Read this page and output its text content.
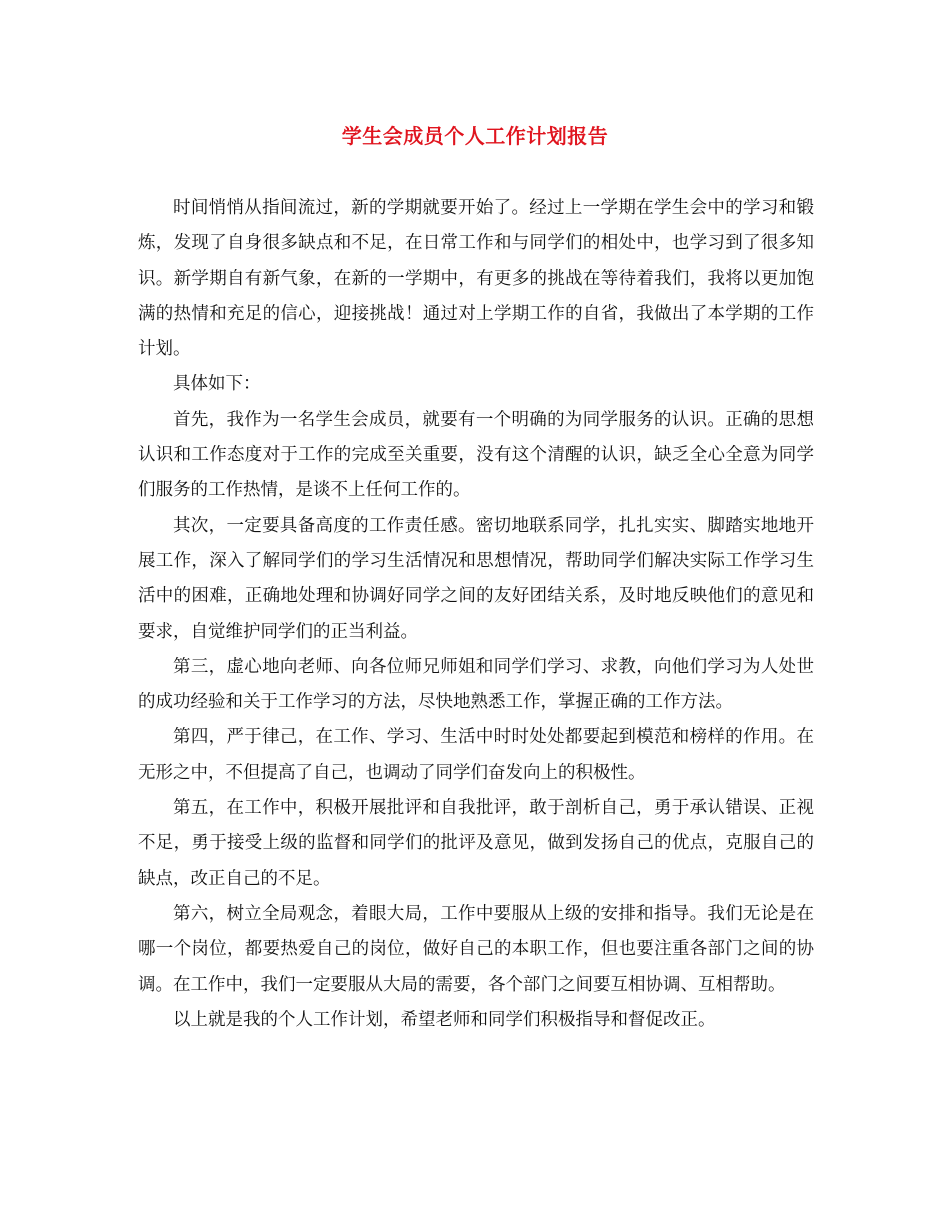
学生会成员个人工作计划报告

时间悄悄从指间流过，新的学期就要开始了。经过上一学期在学生会中的学习和锻炼，发现了自身很多缺点和不足，在日常工作和与同学们的相处中，也学习到了很多知识。新学期自有新气象，在新的一学期中，有更多的挑战在等待着我们，我将以更加饱满的热情和充足的信心，迎接挑战！通过对上学期工作的自省，我做出了本学期的工作计划。

具体如下：

首先，我作为一名学生会成员，就要有一个明确的为同学服务的认识。正确的思想认识和工作态度对于工作的完成至关重要，没有这个清醒的认识，缺乏全心全意为同学们服务的工作热情，是谈不上任何工作的。

其次，一定要具备高度的工作责任感。密切地联系同学，扎扎实实、脚踏实地地开展工作，深入了解同学们的学习生活情况和思想情况，帮助同学们解决实际工作学习生活中的困难，正确地处理和协调好同学之间的友好团结关系，及时地反映他们的意见和要求，自觉维护同学们的正当利益。

第三，虚心地向老师、向各位师兄师姐和同学们学习、求教，向他们学习为人处世的成功经验和关于工作学习的方法，尽快地熟悉工作，掌握正确的工作方法。

第四，严于律己，在工作、学习、生活中时时处处都要起到模范和榜样的作用。在无形之中，不但提高了自己，也调动了同学们奋发向上的积极性。

第五，在工作中，积极开展批评和自我批评，敢于剖析自己，勇于承认错误、正视不足，勇于接受上级的监督和同学们的批评及意见，做到发扬自己的优点，克服自己的缺点，改正自己的不足。

第六，树立全局观念，着眼大局，工作中要服从上级的安排和指导。我们无论是在哪一个岗位，都要热爱自己的岗位，做好自己的本职工作，但也要注重各部门之间的协调。在工作中，我们一定要服从大局的需要，各个部门之间要互相协调、互相帮助。

以上就是我的个人工作计划，希望老师和同学们积极指导和督促改正。
